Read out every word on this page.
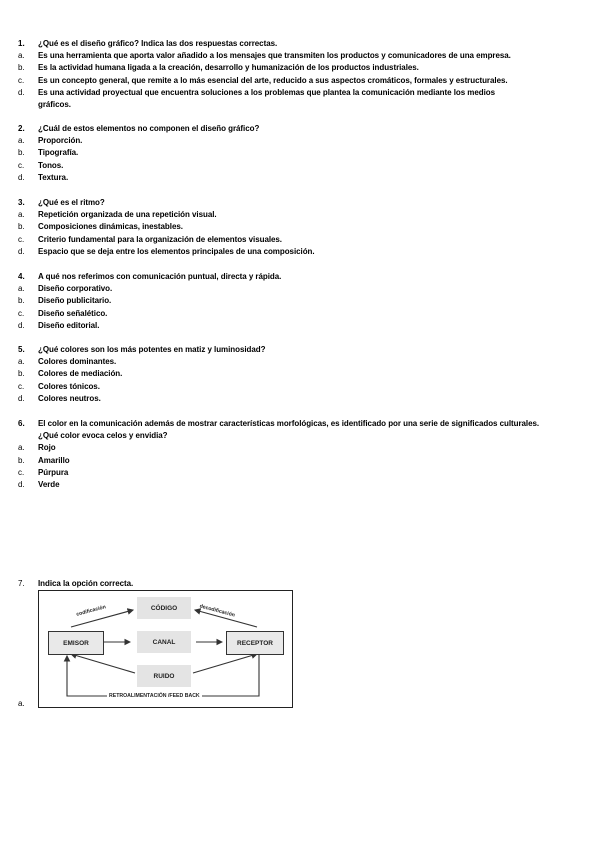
1. ¿Qué es el diseño gráfico? Indica las dos respuestas correctas.
a. Es una herramienta que aporta valor añadido a los mensajes que transmiten los productos y comunicadores de una empresa.
b. Es la actividad humana ligada a la creación, desarrollo y humanización de los productos industriales.
c. Es un concepto general, que remite a lo más esencial del arte, reducido a sus aspectos cromáticos, formales y estructurales.
d. Es una actividad proyectual que encuentra soluciones a los problemas que plantea la comunicación mediante los medios gráficos.
2. ¿Cuál de estos elementos no componen el diseño gráfico?
a. Proporción.
b. Tipografía.
c. Tonos.
d. Textura.
3. ¿Qué es el ritmo?
a. Repetición organizada de una repetición visual.
b. Composiciones dinámicas, inestables.
c. Criterio fundamental para la organización de elementos visuales.
d. Espacio que se deja entre los elementos principales de una composición.
4. A qué nos referimos con comunicación puntual, directa y rápida.
a. Diseño corporativo.
b. Diseño publicitario.
c. Diseño señalético.
d. Diseño editorial.
5. ¿Qué colores son los más potentes en matiz y luminosidad?
a. Colores dominantes.
b. Colores de mediación.
c. Colores tónicos.
d. Colores neutros.
6. El color en la comunicación además de mostrar características morfológicas, es identificado por una serie de significados culturales. ¿Qué color evoca celos y envidia?
a. Rojo
b. Amarillo
c. Púrpura
d. Verde
7. Indica la opción correcta.
CÓDIGO
EMISOR	CANAL	RECEPTOR
RUIDO
codificación	decodificación
RETROALIMENTACIÓN /FEED BACK
a.
